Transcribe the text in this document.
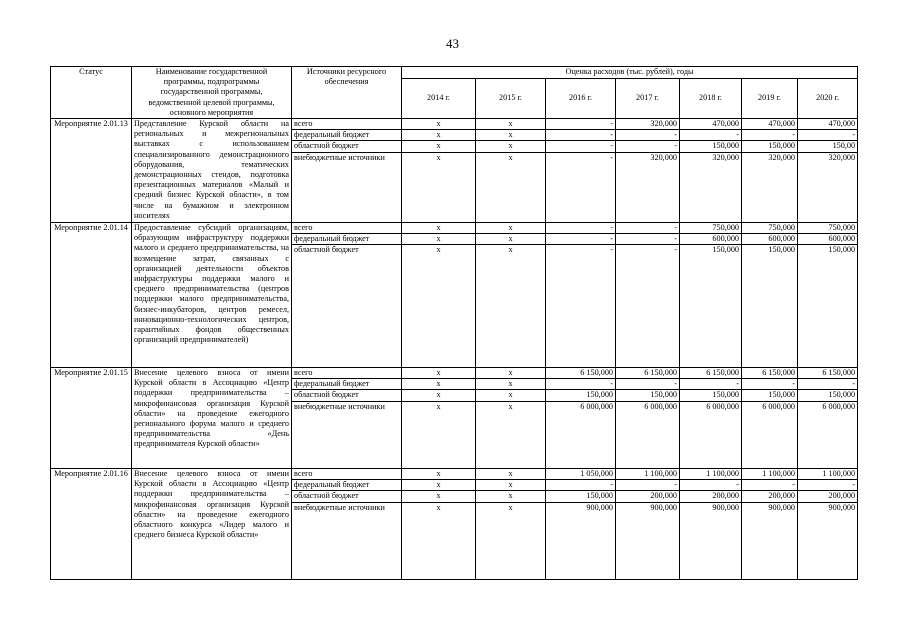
43
Статус	Наименование государственной программы, подпрограммы государственной программы, ведомственной целевой программы, основного мероприятия	Источники ресурсного обеспечения	Оценка расходов (тыс. рублей), годы						
			2014 г.	2015 г.	2016 г.	2017 г.	2018 г.	2019 г.	2020 г.
Мероприятие 2.01.13	Представление Курской области на региональных и межрегиональных выставках с использованием специализированного демонстрационного оборудования, тематических демонстрационных стендов, подготовка презентационных материалов «Малый и средний бизнес Курской области», в том числе на бумажном и электронном носителях	всего	x	x	-	320,000	470,000	470,000	470,000
		федеральный бюджет	x	x	-	-	-	-	-
		областной бюджет	x	x	-	-	150,000	150,000	150,00
		внебюджетные источники	x	x	-	320,000	320,000	320,000	320,000
Мероприятие 2.01.14	Предоставление субсидий организациям, образующим инфраструктуру поддержки малого и среднего предпринимательства, на возмещение затрат, связанных с организацией деятельности объектов инфраструктуры поддержки малого и среднего предпринимательства (центров поддержки малого предпринимательства, бизнес-инкубаторов, центров ремесел, инновационно-технологических центров, гарантийных фондов общественных организаций предпринимателей)	всего	x	x	-	-	750,000	750,000	750,000
		федеральный бюджет	x	x	-	-	600,000	600,000	600,000
		областной бюджет	x	x	-	-	150,000	150,000	150,000
Мероприятие 2.01.15	Внесение целевого взноса от имени Курской области в Ассоциацию «Центр поддержки предпринимательства – микрофинансовая организация Курской области» на проведение ежегодного регионального форума малого и среднего предпринимательства «День предпринимателя Курской области»	всего	x	x	6 150,000	6 150,000	6 150,000	6 150,000	6 150,000
		федеральный бюджет	x	x	-	-	-	-	-
		областной бюджет	x	x	150,000	150,000	150,000	150,000	150,000
		внебюджетные источники	x	x	6 000,000	6 000,000	6 000,000	6 000,000	6 000,000
Мероприятие 2.01.16	Внесение целевого взноса от имени Курской области в Ассоциацию «Центр поддержки предпринимательства – микрофинансовая организация Курской области» на проведение ежегодного областного конкурса «Лидер малого и среднего бизнеса Курской области»	всего	x	x	1 050,000	1 100,000	1 100,000	1 100,000	1 100,000
		федеральный бюджет	x	x	-	-	-	-	-
		областной бюджет	x	x	150,000	200,000	200,000	200,000	200,000
		внебюджетные источники	x	x	900,000	900,000	900,000	900,000	900,000
